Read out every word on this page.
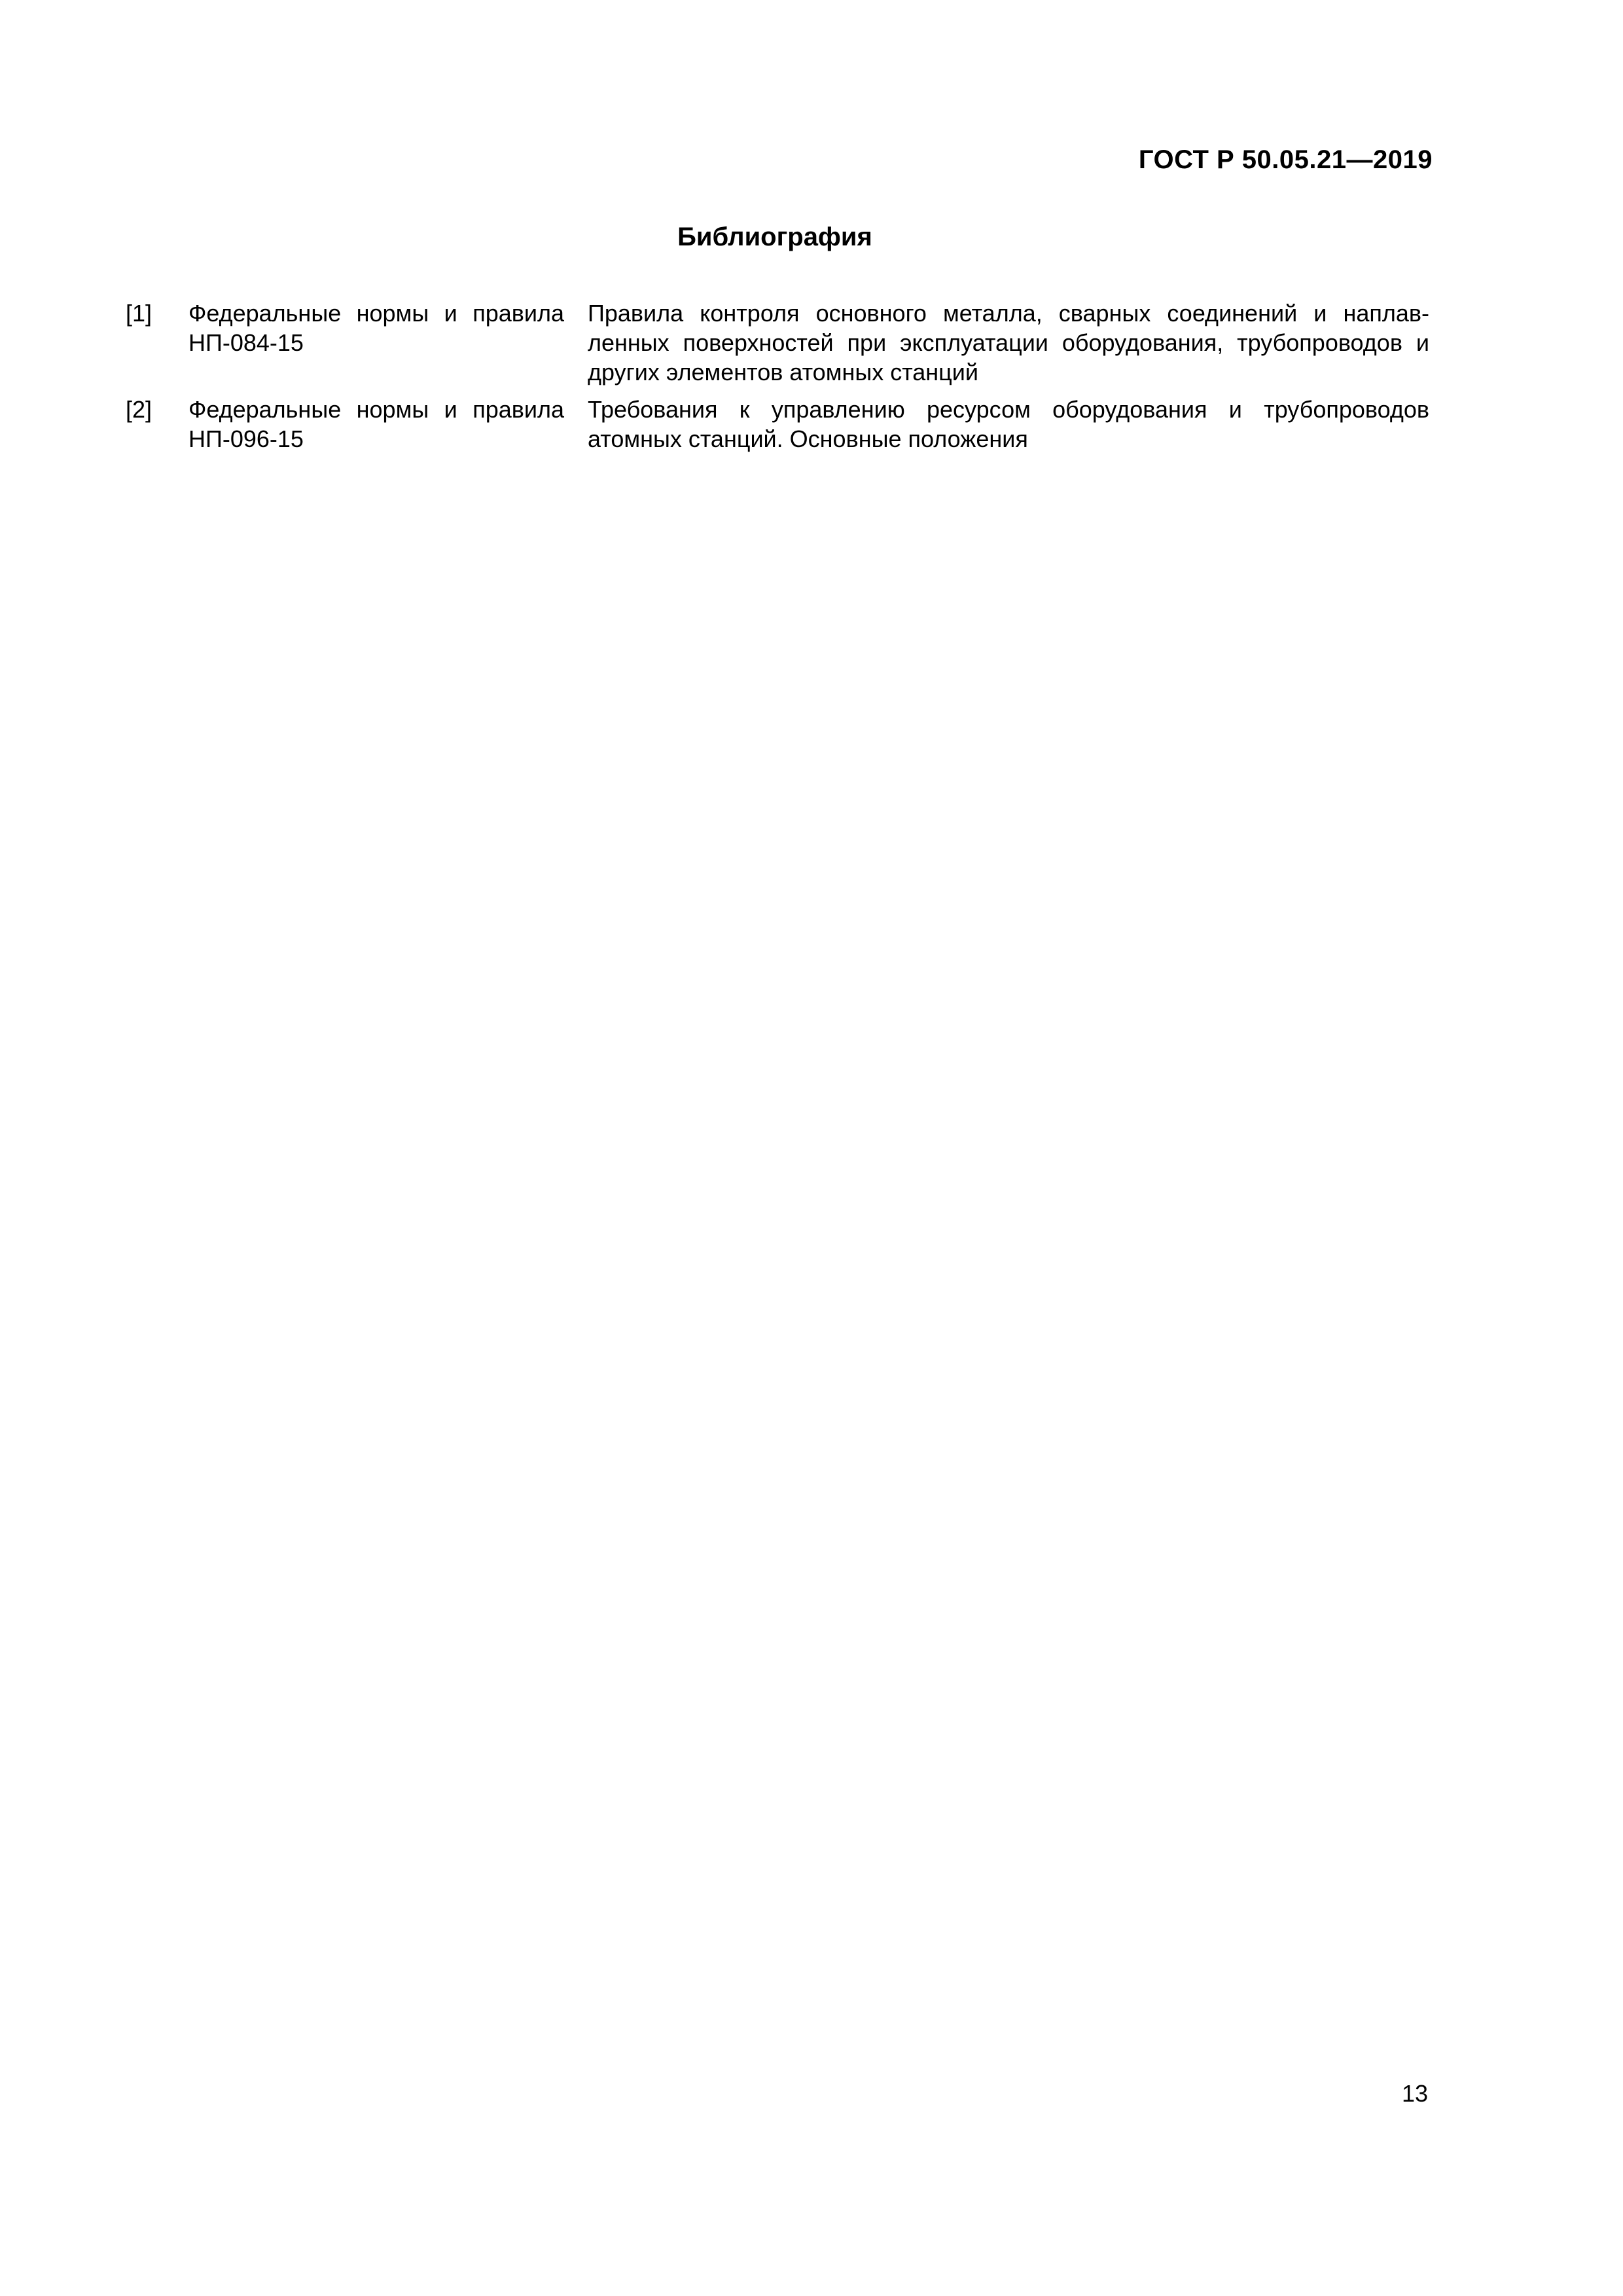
ГОСТ Р 50.05.21—2019
Библиография
[1]	Федеральные нормы и правила
НП-084-15
Правила контроля основного металла, сварных соединений и наплавленных поверхностей при эксплуатации оборудования, трубопроводов и других элементов атомных станций
[2]	Федеральные нормы и правила
НП-096-15
Требования к управлению ресурсом оборудования и трубопроводов атомных станций. Основные положения
13
